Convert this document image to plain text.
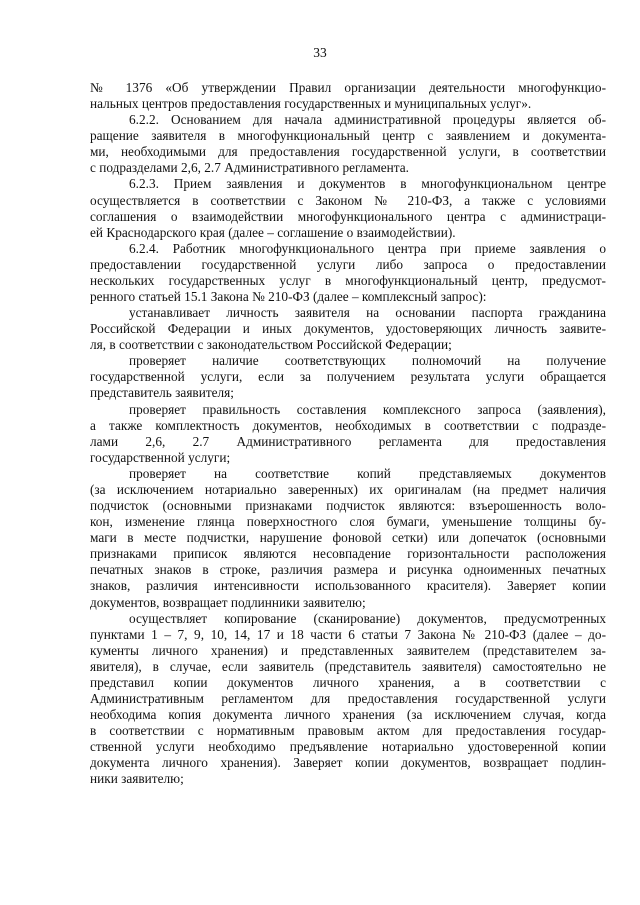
33
№ 1376 «Об утверждении Правил организации деятельности многофункцио-
нальных центров предоставления государственных и муниципальных услуг».
6.2.2. Основанием для начала административной процедуры является об-
ращение заявителя в многофункциональный центр с заявлением и документа-
ми, необходимыми для предоставления государственной услуги, в соответствии
с подразделами 2,6, 2.7 Административного регламента.
6.2.3. Прием заявления и документов в многофункциональном центре
осуществляется в соответствии с Законом № 210-ФЗ, а также с условиями
соглашения о взаимодействии многофункционального центра с администраци-
ей Краснодарского края (далее – соглашение о взаимодействии).
6.2.4. Работник многофункционального центра при приеме заявления о
предоставлении государственной услуги либо запроса о предоставлении
нескольких государственных услуг в многофункциональный центр, предусмот-
ренного статьей 15.1 Закона № 210-ФЗ (далее – комплексный запрос):
устанавливает личность заявителя на основании паспорта гражданина
Российской Федерации и иных документов, удостоверяющих личность заявите-
ля, в соответствии с законодательством Российской Федерации;
проверяет наличие соответствующих полномочий на получение
государственной услуги, если за получением результата услуги обращается
представитель заявителя;
проверяет правильность составления комплексного запроса (заявления),
а также комплектность документов, необходимых в соответствии с подразде-
лами 2,6, 2.7 Административного регламента для предоставления
государственной услуги;
проверяет на соответствие копий представляемых документов
(за исключением нотариально заверенных) их оригиналам (на предмет наличия
подчисток (основными признаками подчисток являются: взъерошенность воло-
кон, изменение глянца поверхностного слоя бумаги, уменьшение толщины бу-
маги в месте подчистки, нарушение фоновой сетки) или допечаток (основными
признаками приписок являются несовпадение горизонтальности расположения
печатных знаков в строке, различия размера и рисунка одноименных печатных
знаков, различия интенсивности использованного красителя). Заверяет копии
документов, возвращает подлинники заявителю;
осуществляет копирование (сканирование) документов, предусмотренных
пунктами 1 – 7, 9, 10, 14, 17 и 18 части 6 статьи 7 Закона № 210-ФЗ (далее – до-
кументы личного хранения) и представленных заявителем (представителем за-
явителя), в случае, если заявитель (представитель заявителя) самостоятельно не
представил копии документов личного хранения, а в соответствии с
Административным регламентом для предоставления государственной услуги
необходима копия документа личного хранения (за исключением случая, когда
в соответствии с нормативным правовым актом для предоставления государ-
ственной услуги необходимо предъявление нотариально удостоверенной копии
документа личного хранения). Заверяет копии документов, возвращает подлин-
ники заявителю;
